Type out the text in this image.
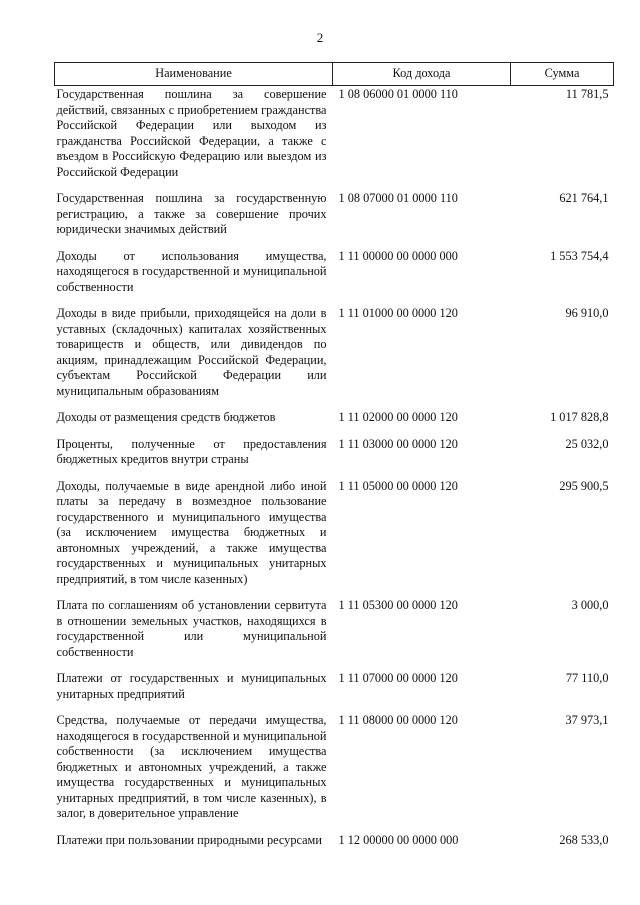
2
Наименование	Код дохода	Сумма
Государственная пошлина за совершение действий, связанных с приобретением гражданства Российской Федерации или выходом из гражданства Российской Федерации, а также с въездом в Российскую Федерацию или выездом из Российской Федерации	1 08 06000 01 0000 110	11 781,5
Государственная пошлина за государственную регистрацию, а также за совершение прочих юридически значимых действий	1 08 07000 01 0000 110	621 764,1
Доходы от использования имущества, находящегося в государственной и муниципальной собственности	1 11 00000 00 0000 000	1 553 754,4
Доходы в виде прибыли, приходящейся на доли в уставных (складочных) капиталах хозяйственных товариществ и обществ, или дивидендов по акциям, принадлежащим Российской Федерации, субъектам Российской Федерации или муниципальным образованиям	1 11 01000 00 0000 120	96 910,0
Доходы от размещения средств бюджетов	1 11 02000 00 0000 120	1 017 828,8
Проценты, полученные от предоставления бюджетных кредитов внутри страны	1 11 03000 00 0000 120	25 032,0
Доходы, получаемые в виде арендной либо иной платы за передачу в возмездное пользование государственного и муниципального имущества (за исключением имущества бюджетных и автономных учреждений, а также имущества государственных и муниципальных унитарных предприятий, в том числе казенных)	1 11 05000 00 0000 120	295 900,5
Плата по соглашениям об установлении сервитута в отношении земельных участков, находящихся в государственной или муниципальной собственности	1 11 05300 00 0000 120	3 000,0
Платежи от государственных и муниципальных унитарных предприятий	1 11 07000 00 0000 120	77 110,0
Средства, получаемые от передачи имущества, находящегося в государственной и муниципальной собственности (за исключением имущества бюджетных и автономных учреждений, а также имущества государственных и муниципальных унитарных предприятий, в том числе казенных), в залог, в доверительное управление	1 11 08000 00 0000 120	37 973,1
Платежи при пользовании природными ресурсами	1 12 00000 00 0000 000	268 533,0
